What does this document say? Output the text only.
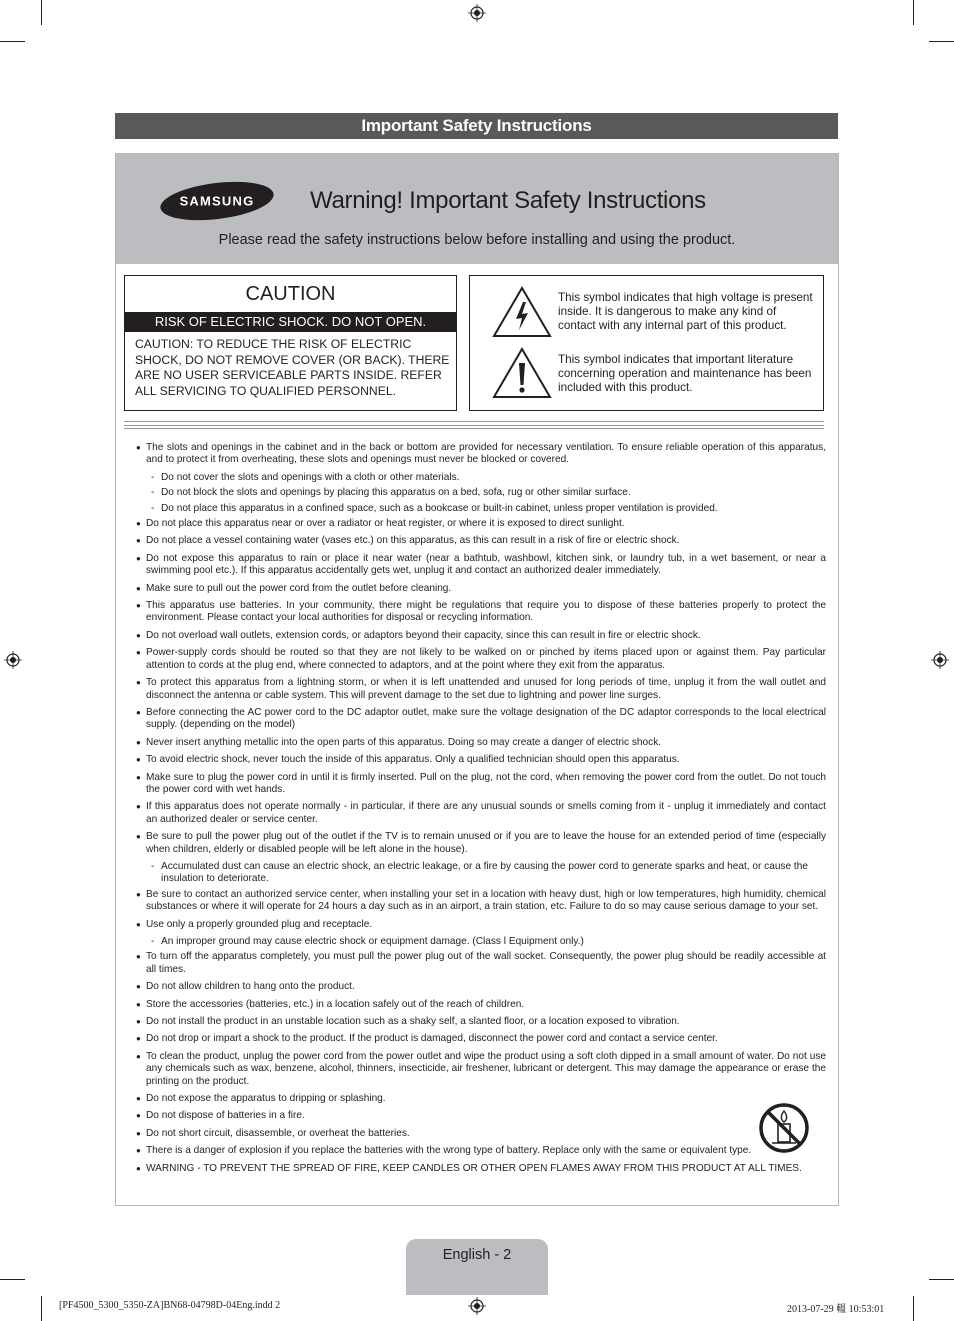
Important Safety Instructions
SAMSUNG Warning! Important Safety Instructions
Please read the safety instructions below before installing and using the product.
CAUTION
RISK OF ELECTRIC SHOCK. DO NOT OPEN.
CAUTION: TO REDUCE THE RISK OF ELECTRIC SHOCK, DO NOT REMOVE COVER (OR BACK). THERE ARE NO USER SERVICEABLE PARTS INSIDE. REFER ALL SERVICING TO QUALIFIED PERSONNEL.
This symbol indicates that high voltage is present inside. It is dangerous to make any kind of contact with any internal part of this product.
This symbol indicates that important literature concerning operation and maintenance has been included with this product.
● The slots and openings in the cabinet and in the back or bottom are provided for necessary ventilation. To ensure reliable operation of this apparatus, and to protect it from overheating, these slots and openings must never be blocked or covered.
- Do not cover the slots and openings with a cloth or other materials.
- Do not block the slots and openings by placing this apparatus on a bed, sofa, rug or other similar surface.
- Do not place this apparatus in a confined space, such as a bookcase or built-in cabinet, unless proper ventilation is provided.
● Do not place this apparatus near or over a radiator or heat register, or where it is exposed to direct sunlight.
● Do not place a vessel containing water (vases etc.) on this apparatus, as this can result in a risk of fire or electric shock.
● Do not expose this apparatus to rain or place it near water (near a bathtub, washbowl, kitchen sink, or laundry tub, in a wet basement, or near a swimming pool etc.). If this apparatus accidentally gets wet, unplug it and contact an authorized dealer immediately.
● Make sure to pull out the power cord from the outlet before cleaning.
● This apparatus use batteries. In your community, there might be regulations that require you to dispose of these batteries properly to protect the environment. Please contact your local authorities for disposal or recycling information.
● Do not overload wall outlets, extension cords, or adaptors beyond their capacity, since this can result in fire or electric shock.
● Power-supply cords should be routed so that they are not likely to be walked on or pinched by items placed upon or against them. Pay particular attention to cords at the plug end, where connected to adaptors, and at the point where they exit from the apparatus.
● To protect this apparatus from a lightning storm, or when it is left unattended and unused for long periods of time, unplug it from the wall outlet and disconnect the antenna or cable system. This will prevent damage to the set due to lightning and power line surges.
● Before connecting the AC power cord to the DC adaptor outlet, make sure the voltage designation of the DC adaptor corresponds to the local electrical supply. (depending on the model)
● Never insert anything metallic into the open parts of this apparatus. Doing so may create a danger of electric shock.
● To avoid electric shock, never touch the inside of this apparatus. Only a qualified technician should open this apparatus.
● Make sure to plug the power cord in until it is firmly inserted. Pull on the plug, not the cord, when removing the power cord from the outlet. Do not touch the power cord with wet hands.
● If this apparatus does not operate normally - in particular, if there are any unusual sounds or smells coming from it - unplug it immediately and contact an authorized dealer or service center.
● Be sure to pull the power plug out of the outlet if the TV is to remain unused or if you are to leave the house for an extended period of time (especially when children, elderly or disabled people will be left alone in the house).
- Accumulated dust can cause an electric shock, an electric leakage, or a fire by causing the power cord to generate sparks and heat, or cause the insulation to deteriorate.
● Be sure to contact an authorized service center, when installing your set in a location with heavy dust, high or low temperatures, high humidity, chemical substances or where it will operate for 24 hours a day such as in an airport, a train station, etc. Failure to do so may cause serious damage to your set.
● Use only a properly grounded plug and receptacle.
- An improper ground may cause electric shock or equipment damage. (Class l Equipment only.)
● To turn off the apparatus completely, you must pull the power plug out of the wall socket. Consequently, the power plug should be readily accessible at all times.
● Do not allow children to hang onto the product.
● Store the accessories (batteries, etc.) in a location safely out of the reach of children.
● Do not install the product in an unstable location such as a shaky self, a slanted floor, or a location exposed to vibration.
● Do not drop or impart a shock to the product. If the product is damaged, disconnect the power cord and contact a service center.
● To clean the product, unplug the power cord from the power outlet and wipe the product using a soft cloth dipped in a small amount of water. Do not use any chemicals such as wax, benzene, alcohol, thinners, insecticide, air freshener, lubricant or detergent. This may damage the appearance or erase the printing on the product.
● Do not expose the apparatus to dripping or splashing.
● Do not dispose of batteries in a fire.
● Do not short circuit, disassemble, or overheat the batteries.
● There is a danger of explosion if you replace the batteries with the wrong type of battery. Replace only with the same or equivalent type.
● WARNING - TO PREVENT THE SPREAD OF FIRE, KEEP CANDLES OR OTHER OPEN FLAMES AWAY FROM THIS PRODUCT AT ALL TIMES.
English - 2
[PF4500_5300_5350-ZA]BN68-04798D-04Eng.indd 2	2013-07-29 轀 10:53:01
